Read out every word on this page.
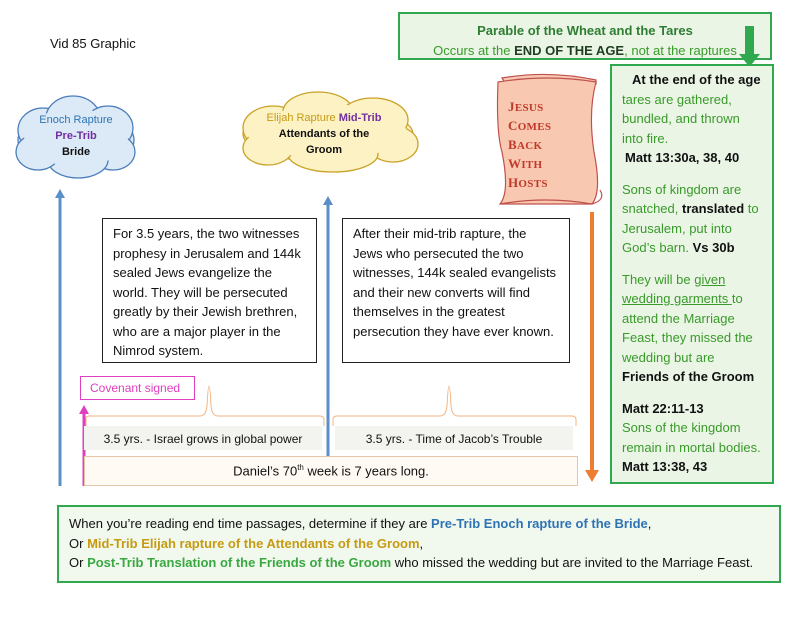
Vid 85 Graphic
Parable of the Wheat and the Tares
Occurs at the END OF THE AGE, not at the raptures
At the end of the age

tares are gathered, bundled, and thrown into fire.
Matt 13:30a, 38, 40

Sons of kingdom are snatched, translated to Jerusalem, put into God’s barn. Vs 30b

They will be given wedding garments to attend the Marriage Feast, they missed the wedding but are
Friends of the Groom

Matt 22:11-13
Sons of the kingdom remain in mortal bodies. Matt 13:38, 43

Enoch Rapture
Pre-Trib
Bride
Elijah Rapture Mid-Trib
Attendants of the
Groom
JESUS
COMES
BACK
WITH
HOSTS
For 3.5 years, the two witnesses prophesy in Jerusalem and 144k sealed Jews evangelize the world. They will be persecuted greatly by their Jewish brethren, who are a major player in the Nimrod system.
After their mid-trib rapture, the Jews who persecuted the two witnesses, 144k sealed evangelists and their new converts will find themselves in the greatest persecution they have ever known.
Covenant signed
3.5 yrs. - Israel grows in global power	3.5 yrs. - Time of Jacob’s Trouble
Daniel’s 70th week is 7 years long.
When you’re reading end time passages, determine if they are Pre-Trib Enoch rapture of the Bride,
Or Mid-Trib Elijah rapture of the Attendants of the Groom,
Or Post-Trib Translation of the Friends of the Groom who missed the wedding but are invited to the Marriage Feast.
